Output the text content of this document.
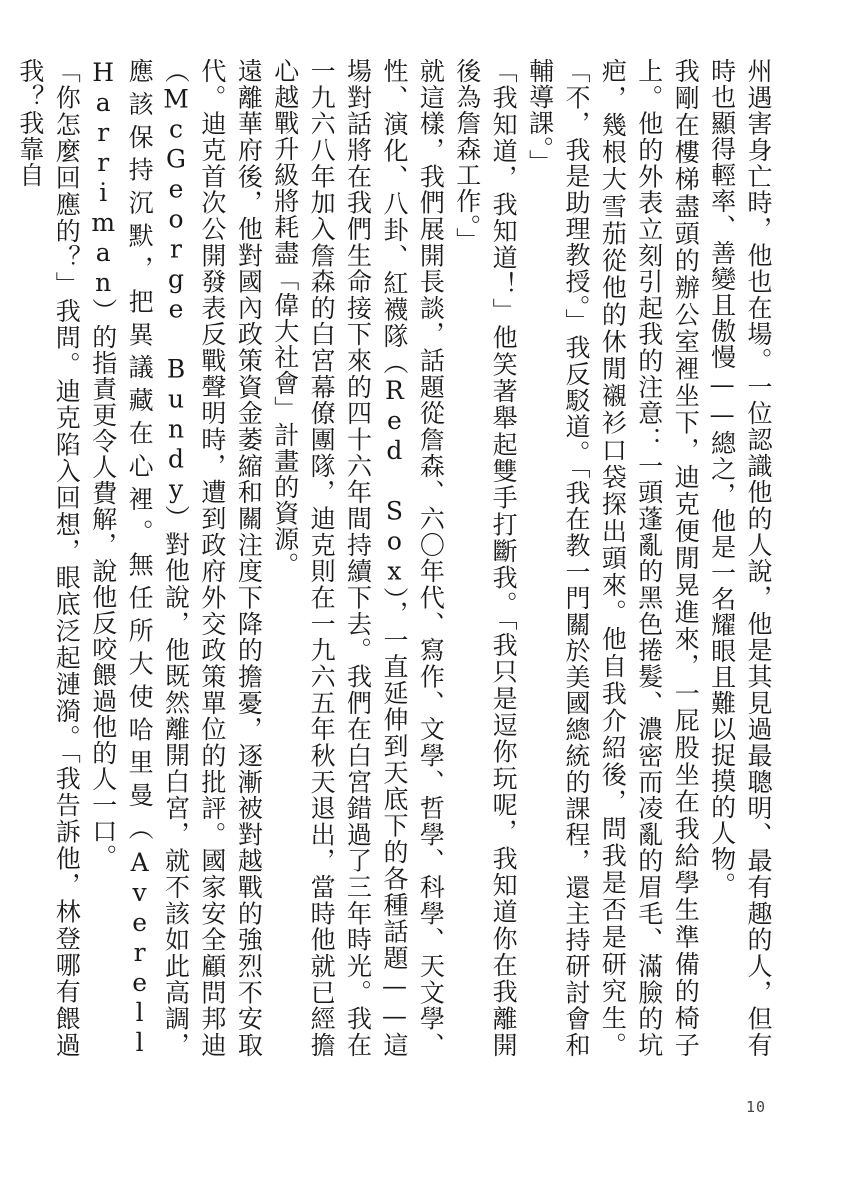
州遇害身亡時，他也在場。一位認識他的人說，他是其見過最聰明、最有趣的人，但有時也顯得輕率、善變且傲慢——總之，他是一名耀眼且難以捉摸的人物。

我剛在樓梯盡頭的辦公室裡坐下，迪克便閒晃進來，一屁股坐在我給學生準備的椅子上。他的外表立刻引起我的注意：一頭蓬亂的黑色捲髮、濃密而凌亂的眉毛、滿臉的坑疤，幾根大雪茄從他的休閒襯衫口袋探出頭來。他自我介紹後，問我是否是研究生。「不，我是助理教授。」我反駁道。「我在教一門關於美國總統的課程，還主持研討會和輔導課。」

「我知道，我知道！」他笑著舉起雙手打斷我。「我只是逗你玩呢，我知道你在我離開後為詹森工作。」

就這樣，我們展開長談，話題從詹森、六〇年代、寫作、文學、哲學、科學、天文學、性、演化、八卦、紅襪隊（Red Sox），一直延伸到天底下的各種話題——這場對話將在我們生命接下來的四十六年間持續下去。我們在白宮錯過了三年時光。我在一九六八年加入詹森的白宮幕僚團隊，迪克則在一九六五年秋天退出，當時他就已經擔心越戰升級將耗盡「偉大社會」計畫的資源。

遠離華府後，他對國內政策資金萎縮和關注度下降的擔憂，逐漸被對越戰的強烈不安取代。迪克首次公開發表反戰聲明時，遭到政府外交政策單位的批評。國家安全顧問邦迪（McGeorge Bundy）對他說，他既然離開白宮，就不該如此高調，應該保持沉默，把異議藏在心裡。無任所大使哈里曼（Averell Harriman）的指責更令人費解，說他反咬餵過他的人一口。

「你怎麼回應的？」我問。迪克陷入回想，眼底泛起漣漪。「我告訴他，林登哪有餵過我？我靠自

10
